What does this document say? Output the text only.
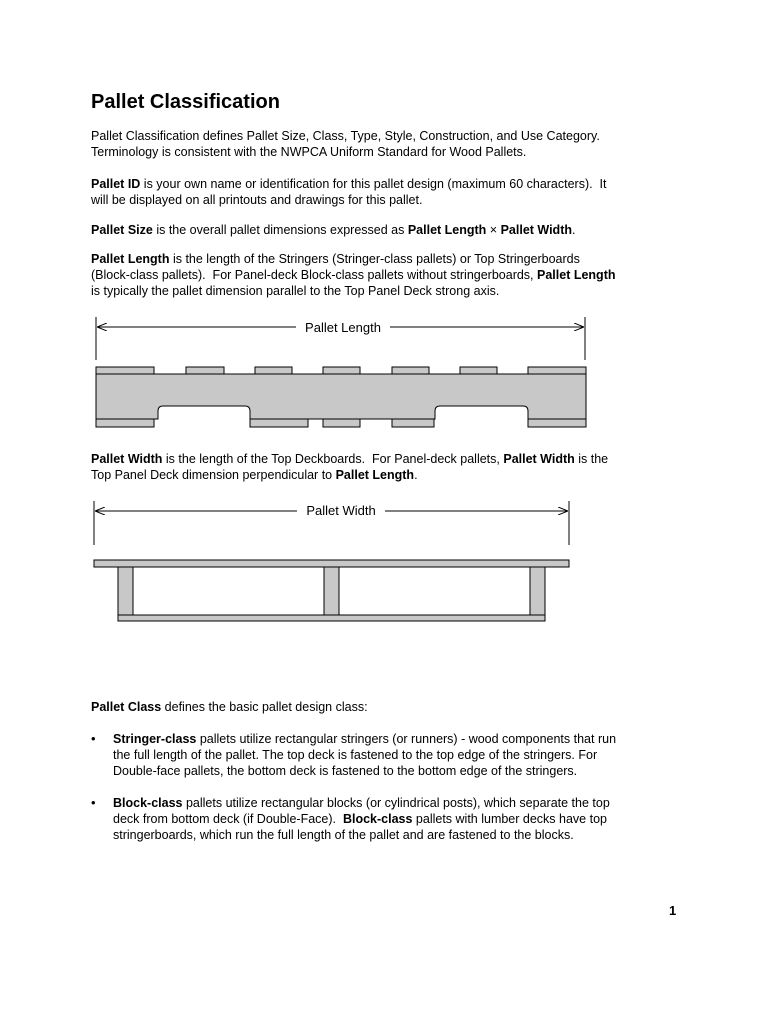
Pallet Classification

Pallet Classification defines Pallet Size, Class, Type, Style, Construction, and Use Category.

Terminology is consistent with the NWPCA Uniform Standard for Wood Pallets.

Pallet ID is your own name or identification for this pallet design (maximum 60 characters).  It

will be displayed on all printouts and drawings for this pallet.

Pallet Size is the overall pallet dimensions expressed as Pallet Length × Pallet Width.

Pallet Length is the length of the Stringers (Stringer-class pallets) or Top Stringerboards

(Block-class pallets).  For Panel-deck Block-class pallets without stringerboards, Pallet Length

is typically the pallet dimension parallel to the Top Panel Deck strong axis.

Pallet Length

Pallet Width is the length of the Top Deckboards.  For Panel-deck pallets, Pallet Width is the

Top Panel Deck dimension perpendicular to Pallet Length.

Pallet Width

Pallet Class defines the basic pallet design class:

•	Stringer-class pallets utilize rectangular stringers (or runners) - wood components that run

the full length of the pallet. The top deck is fastened to the top edge of the stringers. For

Double-face pallets, the bottom deck is fastened to the bottom edge of the stringers.

•	Block-class pallets utilize rectangular blocks (or cylindrical posts), which separate the top

deck from bottom deck (if Double-Face).  Block-class pallets with lumber decks have top

stringerboards, which run the full length of the pallet and are fastened to the blocks.

1
